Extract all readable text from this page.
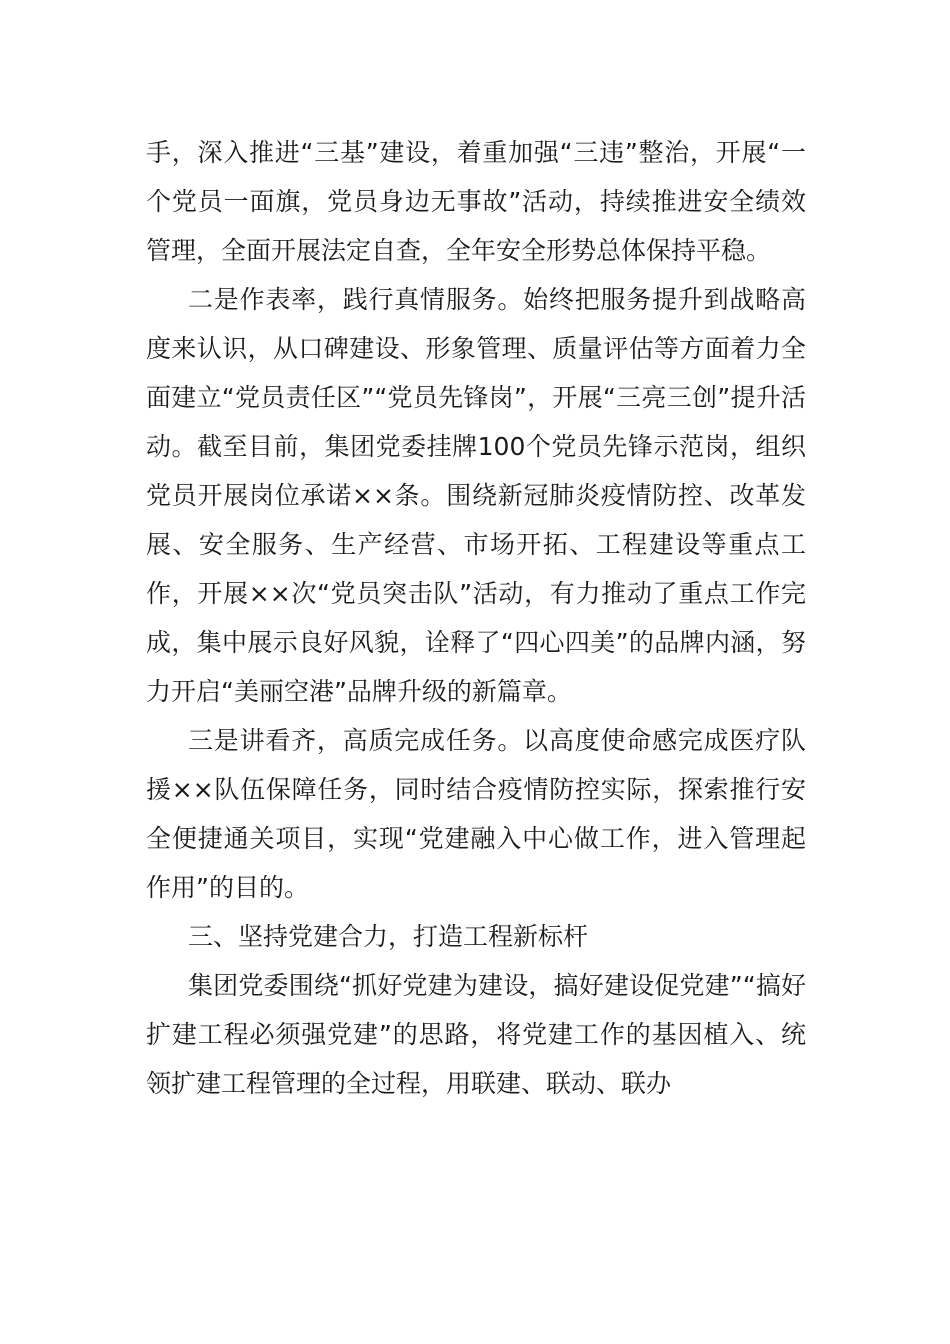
手，深入推进“三基”建设，着重加强“三违”整治，开展“一个党员一面旗，党员身边无事故”活动，持续推进安全绩效管理，全面开展法定自查，全年安全形势总体保持平稳。

二是作表率，践行真情服务。始终把服务提升到战略高度来认识，从口碑建设、形象管理、质量评估等方面着力全面建立“党员责任区”“党员先锋岗”，开展“三亮三创”提升活动。截至目前，集团党委挂牌100个党员先锋示范岗，组织党员开展岗位承诺××条。围绕新冠肺炎疫情防控、改革发展、安全服务、生产经营、市场开拓、工程建设等重点工作，开展××次“党员突击队”活动，有力推动了重点工作完成，集中展示良好风貌，诠释了“四心四美”的品牌内涵，努力开启“美丽空港”品牌升级的新篇章。

三是讲看齐，高质完成任务。以高度使命感完成医疗队援××队伍保障任务，同时结合疫情防控实际，探索推行安全便捷通关项目，实现“党建融入中心做工作，进入管理起作用”的目的。

三、坚持党建合力，打造工程新标杆

集团党委围绕“抓好党建为建设，搞好建设促党建”“搞好扩建工程必须强党建”的思路，将党建工作的基因植入、统领扩建工程管理的全过程，用联建、联动、联办
